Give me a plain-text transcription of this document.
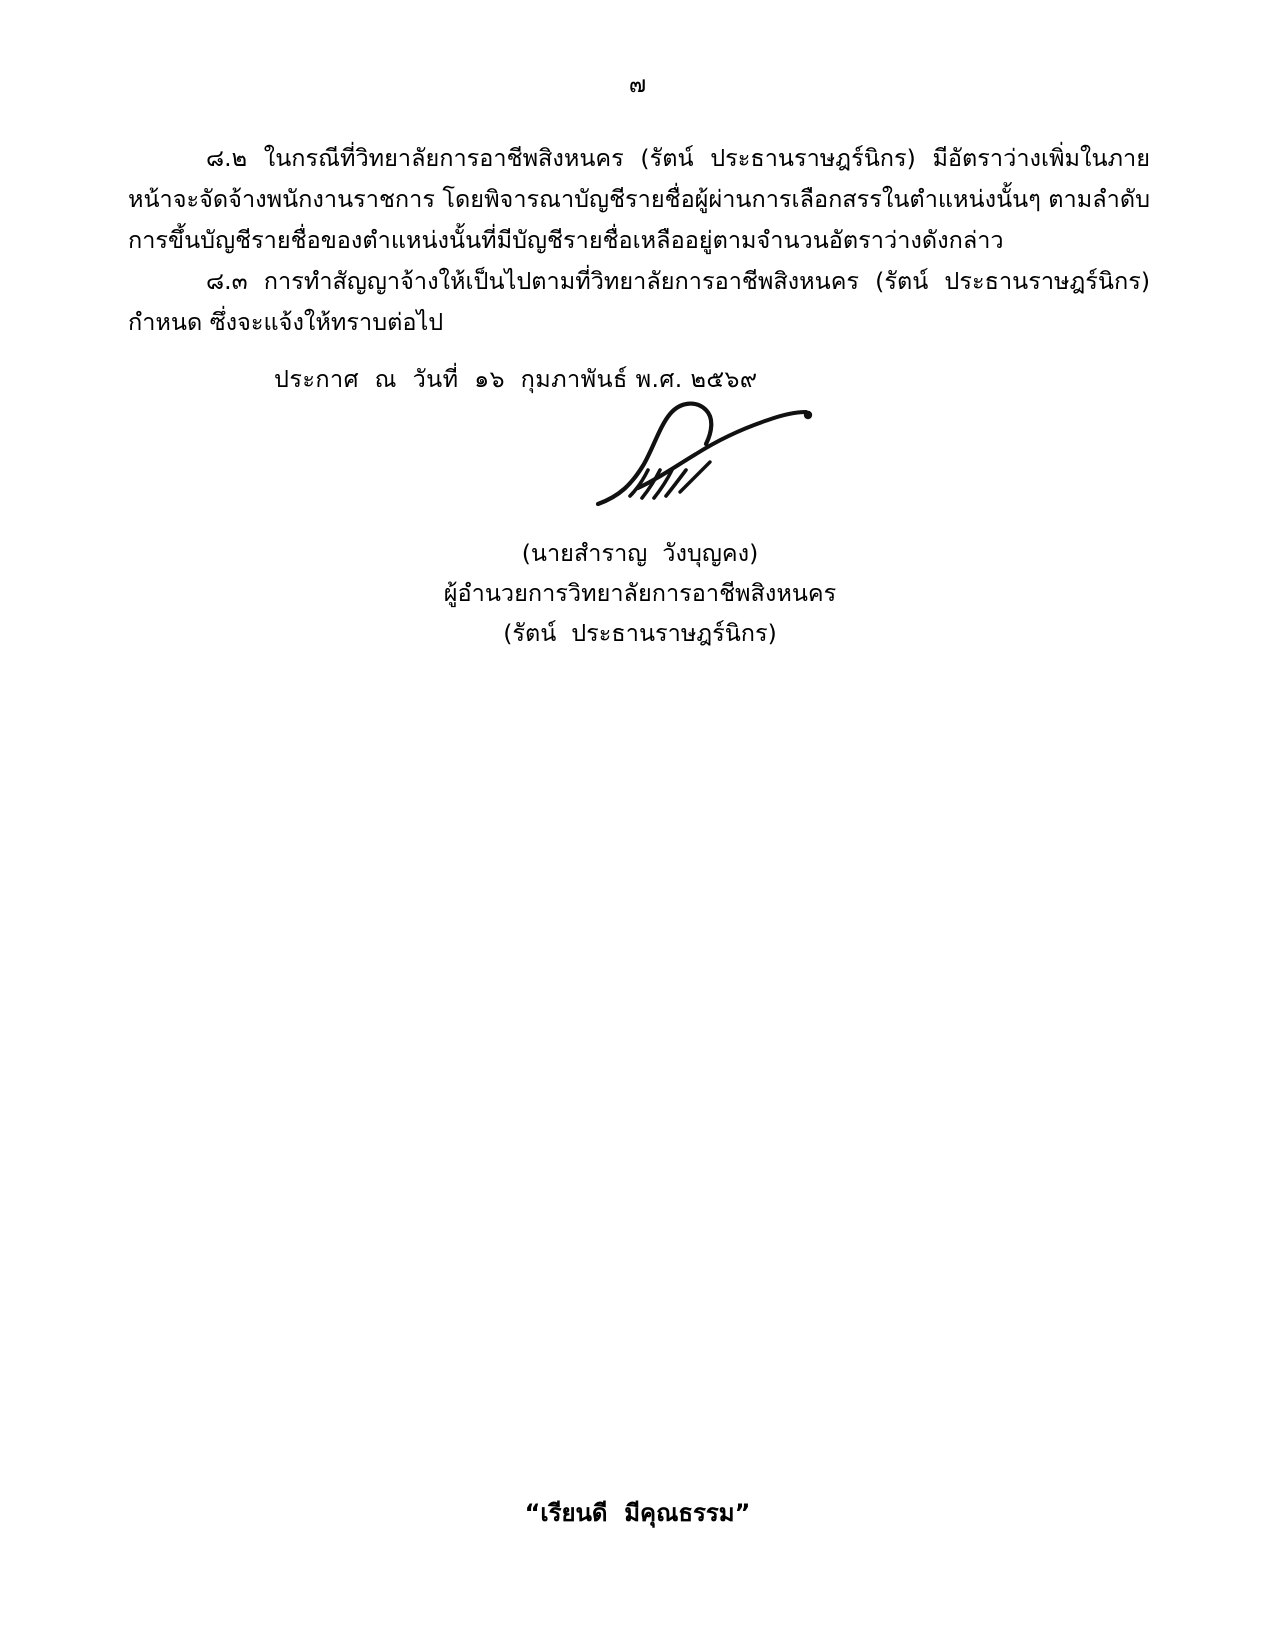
๗

๘.๒ ในกรณีที่วิทยาลัยการอาชีพสิงหนคร (รัตน์ ประธานราษฎร์นิกร) มีอัตราว่างเพิ่มในภายหน้าจะจัดจ้างพนักงานราชการ โดยพิจารณาบัญชีรายชื่อผู้ผ่านการเลือกสรรในตำแหน่งนั้นๆ ตามลำดับการขึ้นบัญชีรายชื่อของตำแหน่งนั้นที่มีบัญชีรายชื่อเหลืออยู่ตามจำนวนอัตราว่างดังกล่าว

๘.๓ การทำสัญญาจ้างให้เป็นไปตามที่วิทยาลัยการอาชีพสิงหนคร (รัตน์ ประธานราษฎร์นิกร) กำหนด ซึ่งจะแจ้งให้ทราบต่อไป

ประกาศ  ณ  วันที่  ๑๖  กุมภาพันธ์ พ.ศ. ๒๕๖๙
(นายสำราญ  วังบุญคง)
ผู้อำนวยการวิทยาลัยการอาชีพสิงหนคร
(รัตน์  ประธานราษฎร์นิกร)
“เรียนดี  มีคุณธรรม”
